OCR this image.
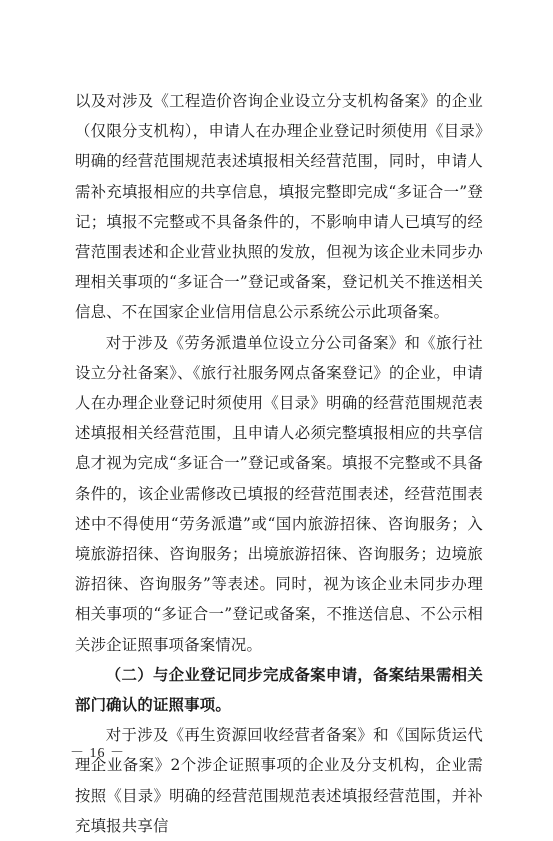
以及对涉及《工程造价咨询企业设立分支机构备案》的企业（仅限分支机构），申请人在办理企业登记时须使用《目录》明确的经营范围规范表述填报相关经营范围，同时，申请人需补充填报相应的共享信息，填报完整即完成“多证合一”登记；填报不完整或不具备条件的，不影响申请人已填写的经营范围表述和企业营业执照的发放，但视为该企业未同步办理相关事项的“多证合一”登记或备案，登记机关不推送相关信息、不在国家企业信用信息公示系统公示此项备案。

对于涉及《劳务派遣单位设立分公司备案》和《旅行社设立分社备案》、《旅行社服务网点备案登记》的企业，申请人在办理企业登记时须使用《目录》明确的经营范围规范表述填报相关经营范围，且申请人必须完整填报相应的共享信息才视为完成“多证合一”登记或备案。填报不完整或不具备条件的，该企业需修改已填报的经营范围表述，经营范围表述中不得使用“劳务派遣”或“国内旅游招徕、咨询服务；入境旅游招徕、咨询服务；出境旅游招徕、咨询服务；边境旅游招徕、咨询服务”等表述。同时，视为该企业未同步办理相关事项的“多证合一”登记或备案，不推送信息、不公示相关涉企证照事项备案情况。

（二）与企业登记同步完成备案申请，备案结果需相关部门确认的证照事项。

对于涉及《再生资源回收经营者备案》和《国际货运代理企业备案》2个涉企证照事项的企业及分支机构，企业需按照《目录》明确的经营范围规范表述填报经营范围，并补充填报共享信

－ 16 －
